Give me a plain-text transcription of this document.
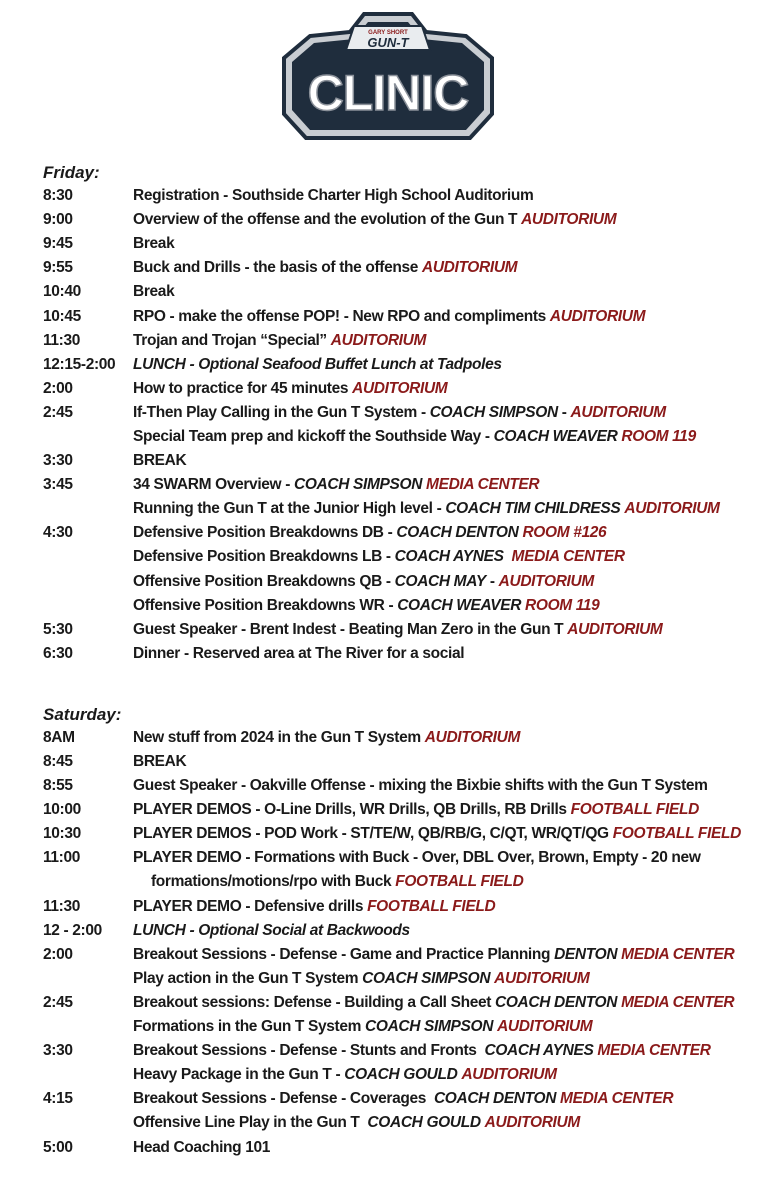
GARY SHORT
GUN-T
CLINIC
Friday:
8:30	Registration - Southside Charter High School Auditorium
9:00	Overview of the offense and the evolution of the Gun T AUDITORIUM
9:45	Break
9:55	Buck and Drills - the basis of the offense AUDITORIUM
10:40	Break
10:45	RPO - make the offense POP! - New RPO and compliments AUDITORIUM
11:30	Trojan and Trojan “Special” AUDITORIUM
12:15-2:00	LUNCH - Optional Seafood Buffet Lunch at Tadpoles
2:00	How to practice for 45 minutes AUDITORIUM
2:45	If-Then Play Calling in the Gun T System - COACH SIMPSON - AUDITORIUM
Special Team prep and kickoff the Southside Way - COACH WEAVER ROOM 119
3:30	BREAK
3:45	34 SWARM Overview - COACH SIMPSON MEDIA CENTER
Running the Gun T at the Junior High level - COACH TIM CHILDRESS AUDITORIUM
4:30	Defensive Position Breakdowns DB - COACH DENTON ROOM #126
Defensive Position Breakdowns LB - COACH AYNES MEDIA CENTER
Offensive Position Breakdowns QB - COACH MAY - AUDITORIUM
Offensive Position Breakdowns WR - COACH WEAVER ROOM 119
5:30	Guest Speaker - Brent Indest - Beating Man Zero in the Gun T AUDITORIUM
6:30	Dinner - Reserved area at The River for a social
Saturday:
8AM	New stuff from 2024 in the Gun T System AUDITORIUM
8:45	BREAK
8:55	Guest Speaker - Oakville Offense - mixing the Bixbie shifts with the Gun T System
10:00	PLAYER DEMOS - O-Line Drills, WR Drills, QB Drills, RB Drills FOOTBALL FIELD
10:30	PLAYER DEMOS - POD Work - ST/TE/W, QB/RB/G, C/QT, WR/QT/QG FOOTBALL FIELD
11:00	PLAYER DEMO - Formations with Buck - Over, DBL Over, Brown, Empty - 20 new
formations/motions/rpo with Buck FOOTBALL FIELD
11:30	PLAYER DEMO - Defensive drills FOOTBALL FIELD
12 - 2:00	LUNCH - Optional Social at Backwoods
2:00	Breakout Sessions - Defense - Game and Practice Planning DENTON MEDIA CENTER
Play action in the Gun T System COACH SIMPSON AUDITORIUM
2:45	Breakout sessions: Defense - Building a Call Sheet COACH DENTON MEDIA CENTER
Formations in the Gun T System COACH SIMPSON AUDITORIUM
3:30	Breakout Sessions - Defense - Stunts and Fronts  COACH AYNES MEDIA CENTER
Heavy Package in the Gun T - COACH GOULD AUDITORIUM
4:15	Breakout Sessions - Defense - Coverages  COACH DENTON MEDIA CENTER
Offensive Line Play in the Gun T  COACH GOULD AUDITORIUM
5:00	Head Coaching 101
